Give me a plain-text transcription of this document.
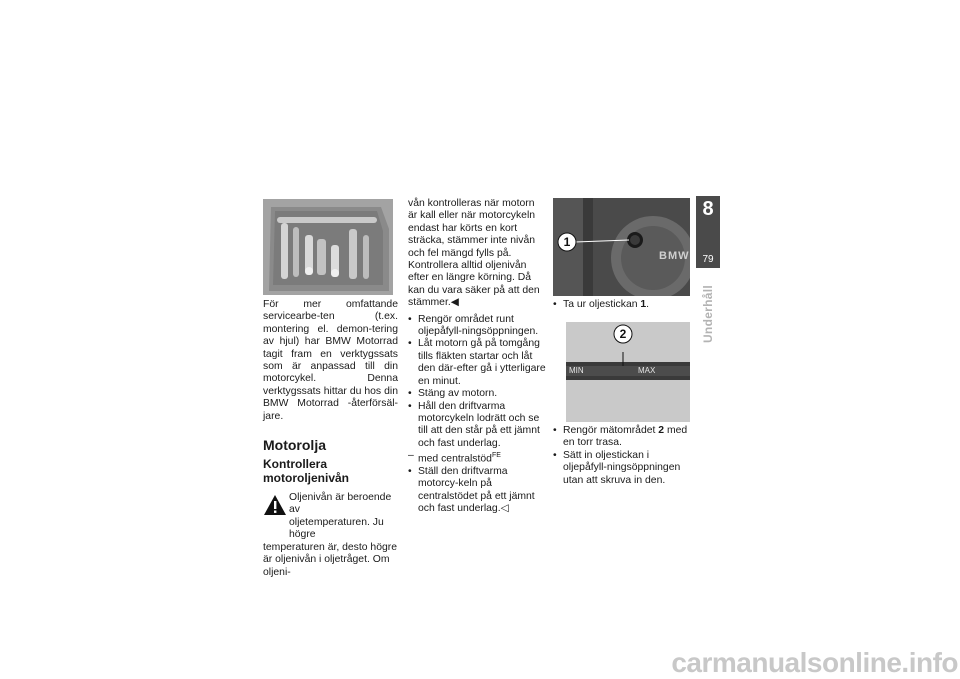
För mer omfattande servicearbe-ten (t.ex. montering el. demon-tering av hjul) har BMW Motorrad tagit fram en verktygssats som är anpassad till din motorcykel. Denna verktygssats hittar du hos din BMW Motorrad -återförsäl-jare.

Motorolja
Kontrollera
motoroljenivån

Oljenivån är beroende av

oljetemperaturen. Ju högre

temperaturen är, desto högre är oljenivån i oljetråget. Om oljeni-

vån kontrolleras när motorn är kall eller när motorcykeln endast har körts en kort sträcka, stämmer inte nivån och fel mängd fylls på. Kontrollera alltid oljenivån efter en längre körning. Då kan du vara säker på att den stämmer.◀

• Rengör området runt oljepåfyll-ningsöppningen.

• Låt motorn gå på tomgång tills fläkten startar och låt den där-efter gå i ytterligare en minut.

• Stäng av motorn.

• Håll den driftvarma motorcykeln lodrätt och se till att den står på ett jämnt och fast underlag.

– med centralstöd$^{FE}$

• Ställ den driftvarma motorcy-keln på centralstödet på ett jämnt och fast underlag.◁

1
BMW

• Ta ur oljestickan 1.

2
MIN	MAX

• Rengör mätområdet 2 med en torr trasa.

• Sätt in oljestickan i oljepåfyll-ningsöppningen utan att skruva in den.

8
79
Underhåll
carmanualsonline.info
